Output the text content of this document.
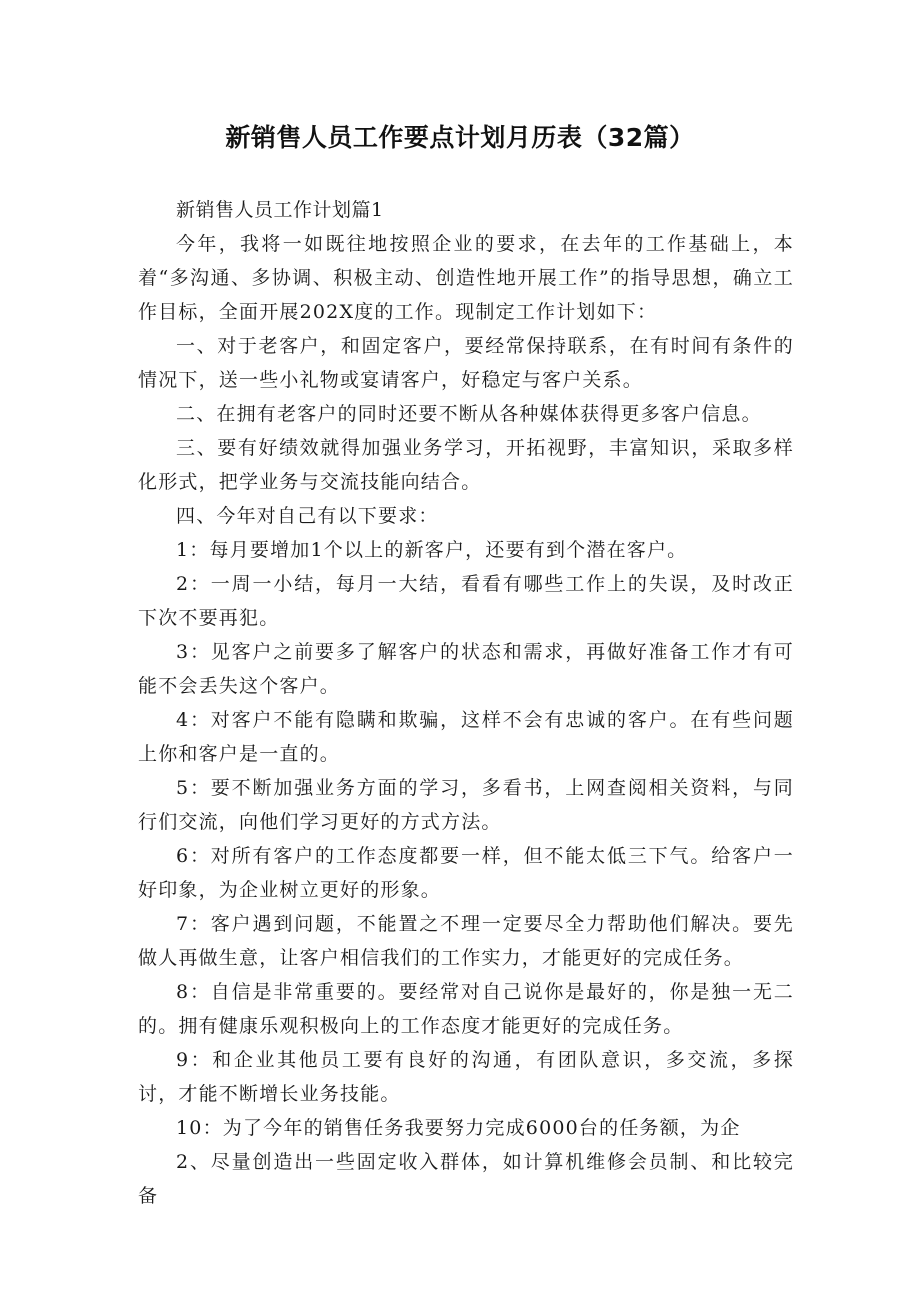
新销售人员工作要点计划月历表（32篇）

新销售人员工作计划篇1

今年，我将一如既往地按照企业的要求，在去年的工作基础上，本着“多沟通、多协调、积极主动、创造性地开展工作”的指导思想，确立工作目标，全面开展202X度的工作。现制定工作计划如下：

一、对于老客户，和固定客户，要经常保持联系，在有时间有条件的情况下，送一些小礼物或宴请客户，好稳定与客户关系。

二、在拥有老客户的同时还要不断从各种媒体获得更多客户信息。

三、要有好绩效就得加强业务学习，开拓视野，丰富知识，采取多样化形式，把学业务与交流技能向结合。

四、今年对自己有以下要求：

1：每月要增加1个以上的新客户，还要有到个潜在客户。

2：一周一小结，每月一大结，看看有哪些工作上的失误，及时改正下次不要再犯。

3：见客户之前要多了解客户的状态和需求，再做好准备工作才有可能不会丢失这个客户。

4：对客户不能有隐瞒和欺骗，这样不会有忠诚的客户。在有些问题上你和客户是一直的。

5：要不断加强业务方面的学习，多看书，上网查阅相关资料，与同行们交流，向他们学习更好的方式方法。

6：对所有客户的工作态度都要一样，但不能太低三下气。给客户一好印象，为企业树立更好的形象。

7：客户遇到问题，不能置之不理一定要尽全力帮助他们解决。要先做人再做生意，让客户相信我们的工作实力，才能更好的完成任务。

8：自信是非常重要的。要经常对自己说你是最好的，你是独一无二的。拥有健康乐观积极向上的工作态度才能更好的完成任务。

9：和企业其他员工要有良好的沟通，有团队意识，多交流，多探讨，才能不断增长业务技能。

10：为了今年的销售任务我要努力完成6000台的任务额，为企

2、尽量创造出一些固定收入群体，如计算机维修会员制、和比较完备
